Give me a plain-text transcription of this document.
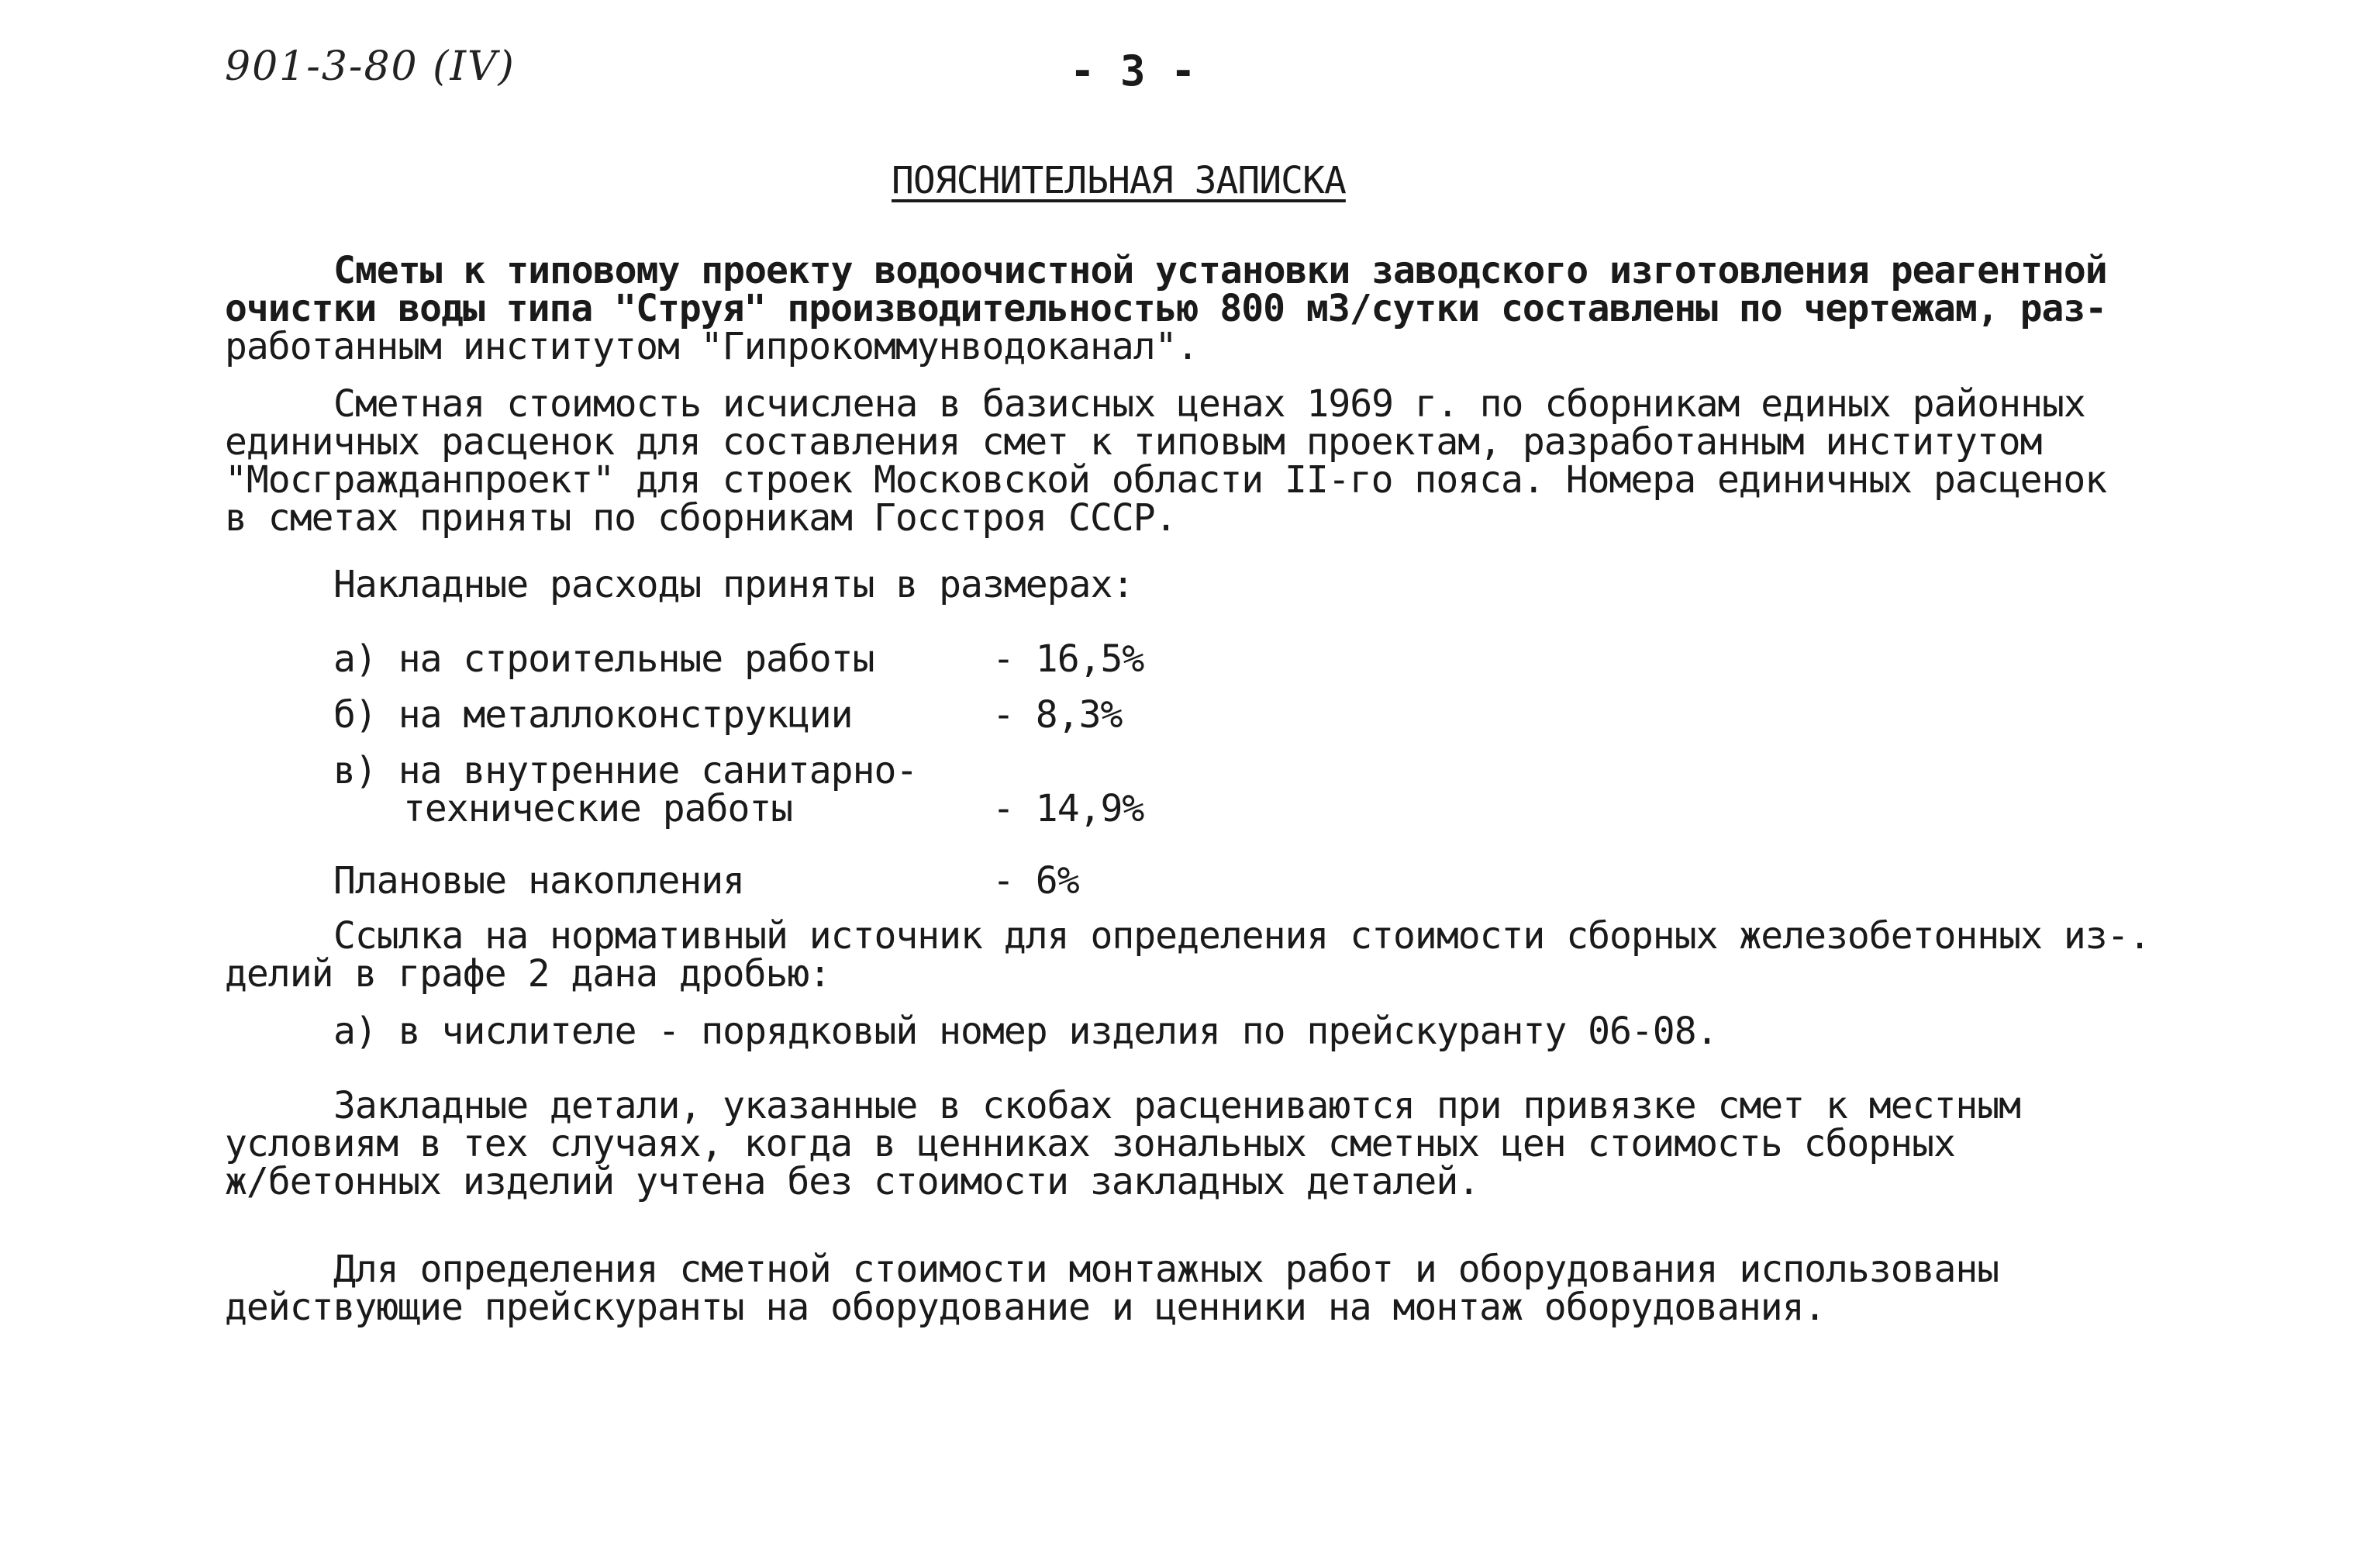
901-3-80 (IV)	- 3 -
ПОЯСНИТЕЛЬНАЯ ЗАПИСКА
Сметы к типовому проекту водоочистной установки заводского изготовления реагентной
очистки воды типа "Струя" производительностью 800 м3/сутки составлены по чертежам, раз-
работанным институтом "Гипрокоммунводоканал".
Сметная стоимость исчислена в базисных ценах 1969 г. по сборникам единых районных
единичных расценок для составления смет к типовым проектам, разработанным институтом
"Мосгражданпроект" для строек Московской области II-го пояса. Номера единичных расценок
в сметах приняты по сборникам Госстроя СССР.
Накладные расходы приняты в размерах:
а) на строительные работы	- 16,5%
б) на металлоконструкции	- 8,3%
в) на внутренние санитарно-
технические работы	- 14,9%
Плановые накопления	- 6%
Ссылка на нормативный источник для определения стоимости сборных железобетонных из-.
делий в графе 2 дана дробью:
а) в числителе - порядковый номер изделия по прейскуранту 06-08.
Закладные детали, указанные в скобах расцениваются при привязке смет к местным
условиям в тех случаях, когда в ценниках зональных сметных цен стоимость сборных
ж/бетонных изделий учтена без стоимости закладных деталей.
Для определения сметной стоимости монтажных работ и оборудования использованы
действующие прейскуранты на оборудование и ценники на монтаж оборудования.
